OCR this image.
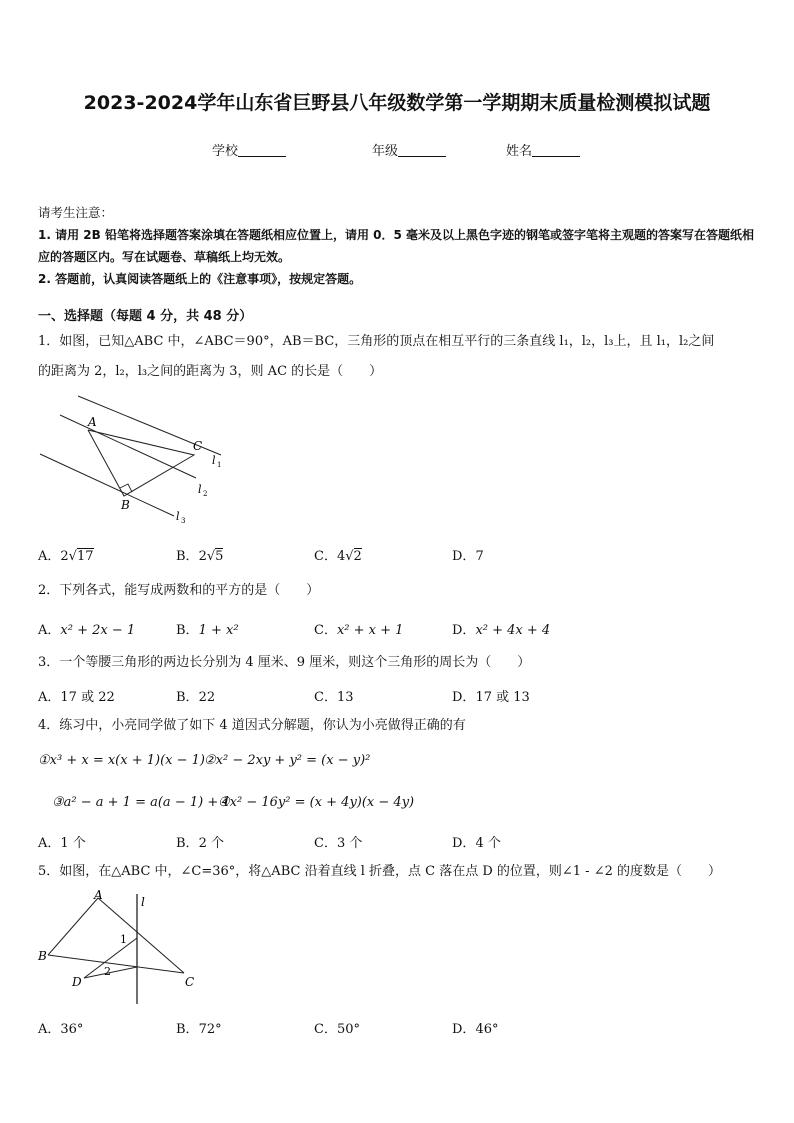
2023-2024学年山东省巨野县八年级数学第一学期期末质量检测模拟试题
学校	年级	姓名
请考生注意：
1. 请用 2B 铅笔将选择题答案涂填在答题纸相应位置上，请用 0．5 毫米及以上黑色字迹的钢笔或签字笔将主观题的答案写在答题纸相应的答题区内。写在试题卷、草稿纸上均无效。
2. 答题前，认真阅读答题纸上的《注意事项》，按规定答题。
一、选择题（每题 4 分，共 48 分）
1．如图，已知△ABC 中，∠ABC＝90°，AB＝BC，三角形的顶点在相互平行的三条直线 l₁，l₂，l₃上，且 l₁，l₂之间
的距离为 2，l₂，l₃之间的距离为 3，则 AC 的长是（　　）
A
B
C
l 1
l 2
l 3
A．2√17	B．2√5	C．4√2	D．7
2．下列各式，能写成两数和的平方的是（　　）
A．x² + 2x − 1	B．1 + x²	C．x² + x + 1	D．x² + 4x + 4
3．一个等腰三角形的两边长分别为 4 厘米、9 厘米，则这个三角形的周长为（　　）
A．17 或 22	B．22	C．13	D．17 或 13
4．练习中，小亮同学做了如下 4 道因式分解题，你认为小亮做得正确的有
①x³ + x = x(x + 1)(x − 1) ②x² − 2xy + y² = (x − y)²
③a² − a + 1 = a(a − 1) + 1
④x² − 16y² = (x + 4y)(x − 4y)
A．1 个	B．2 个	C．3 个	D．4 个
5．如图，在△ABC 中，∠C=36°，将△ABC 沿着直线 l 折叠，点 C 落在点 D 的位置，则∠1 - ∠2 的度数是（　　）
A
B
C
D
l
1
2
A．36°	B．72°	C．50°	D．46°
